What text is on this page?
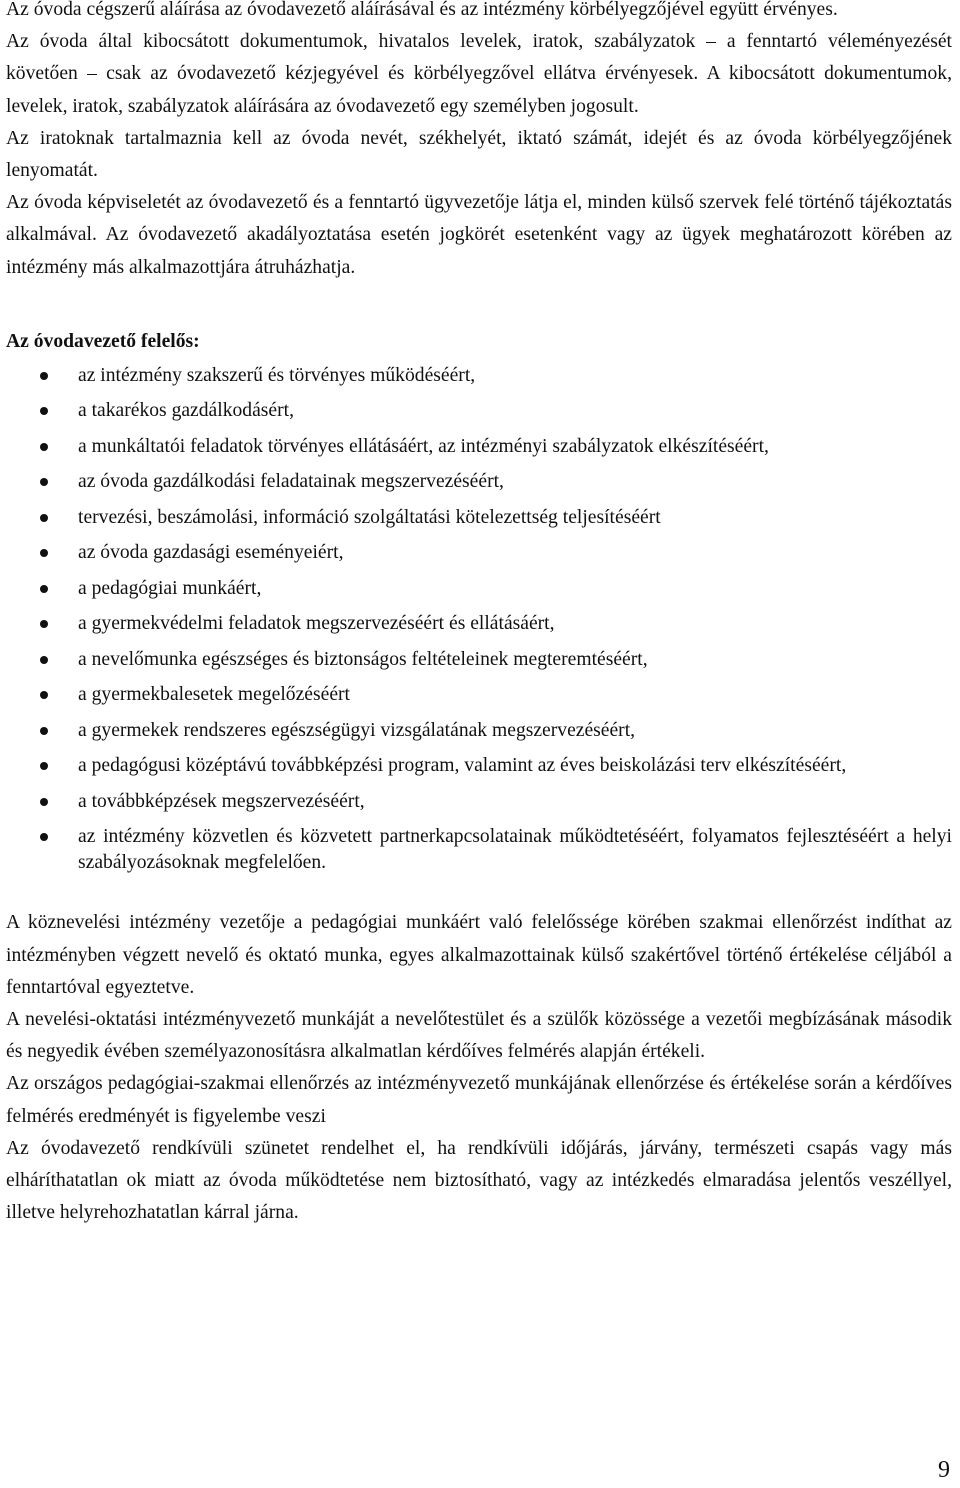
Az óvoda cégszerű aláírása az óvodavezető aláírásával és az intézmény körbélyegzőjével együtt érvényes.

Az óvoda által kibocsátott dokumentumok, hivatalos levelek, iratok, szabályzatok – a fenntartó véleményezését követően – csak az óvodavezető kézjegyével és körbélyegzővel ellátva érvényesek. A kibocsátott dokumentumok, levelek, iratok, szabályzatok aláírására az óvodavezető egy személyben jogosult.

Az iratoknak tartalmaznia kell az óvoda nevét, székhelyét, iktató számát, idejét és az óvoda körbélyegzőjének lenyomatát.

Az óvoda képviseletét az óvodavezető és a fenntartó ügyvezetője látja el, minden külső szervek felé történő tájékoztatás alkalmával. Az óvodavezető akadályoztatása esetén jogkörét esetenként vagy az ügyek meghatározott körében az intézmény más alkalmazottjára átruházhatja.

Az óvodavezető felelős:

az intézmény szakszerű és törvényes működéséért,
a takarékos gazdálkodásért,
a munkáltatói feladatok törvényes ellátásáért, az intézményi szabályzatok elkészítéséért,
az óvoda gazdálkodási feladatainak megszervezéséért,
tervezési, beszámolási, információ szolgáltatási kötelezettség teljesítéséért
az óvoda gazdasági eseményeiért,
a pedagógiai munkáért,
a gyermekvédelmi feladatok megszervezéséért és ellátásáért,
a nevelőmunka egészséges és biztonságos feltételeinek megteremtéséért,
a gyermekbalesetek megelőzéséért
a gyermekek rendszeres egészségügyi vizsgálatának megszervezéséért,
a pedagógusi középtávú továbbképzési program, valamint az éves beiskolázási terv elkészítéséért,
a továbbképzések megszervezéséért,
az intézmény közvetlen és közvetett partnerkapcsolatainak működtetéséért, folyamatos fejlesztéséért a helyi szabályozásoknak megfelelően.

A köznevelési intézmény vezetője a pedagógiai munkáért való felelőssége körében szakmai ellenőrzést indíthat az intézményben végzett nevelő és oktató munka, egyes alkalmazottainak külső szakértővel történő értékelése céljából a fenntartóval egyeztetve.

A nevelési-oktatási intézményvezető munkáját a nevelőtestület és a szülők közössége a vezetői megbízásának második és negyedik évében személyazonosításra alkalmatlan kérdőíves felmérés alapján értékeli.

Az országos pedagógiai-szakmai ellenőrzés az intézményvezető munkájának ellenőrzése és értékelése során a kérdőíves felmérés eredményét is figyelembe veszi

Az óvodavezető rendkívüli szünetet rendelhet el, ha rendkívüli időjárás, járvány, természeti csapás vagy más elháríthatatlan ok miatt az óvoda működtetése nem biztosítható, vagy az intézkedés elmaradása jelentős veszéllyel, illetve helyrehozhatatlan kárral járna.

9
